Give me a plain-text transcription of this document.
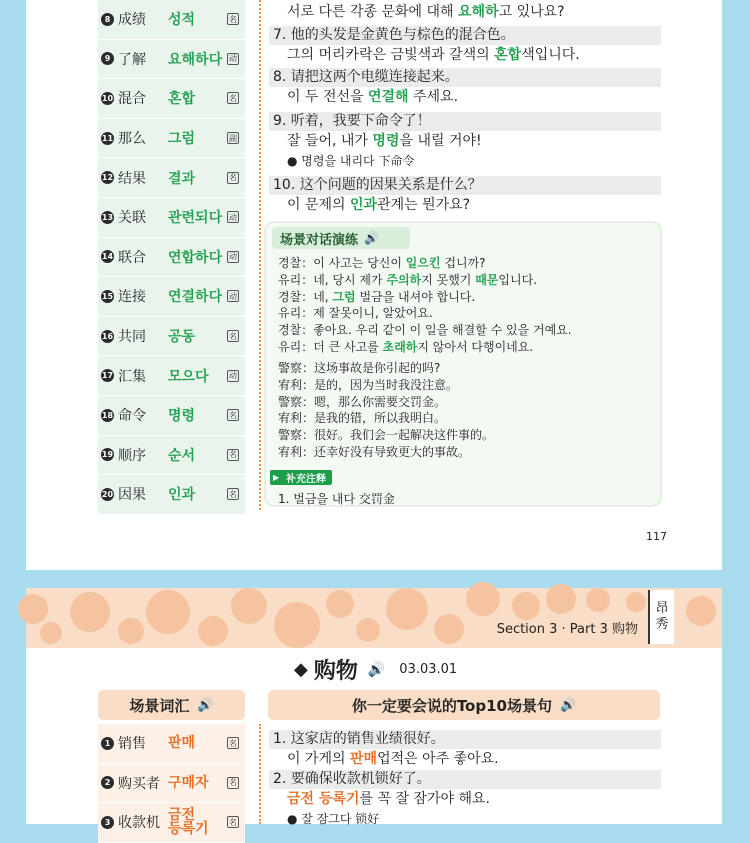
8 成绩	성적	名
9 了解	요해하다 动
10 混合	혼합	名
11 那么	그럼	副
12 结果	결과	名
13 关联	관련되다 动
14 联合	연합하다 动
15 连接	연결하다 动
16 共同	공동	名
17 汇集	모으다	动
18 命令	명령	名
19 顺序	순서	名
20 因果	인과	名
서로 다른 각종 문화에 대해 요해하고 있나요?
7. 他的头发是金黄色与棕色的混合色。
그의 머리카락은 금빛색과 갈색의 혼합색입니다.
8. 请把这两个电缆连接起来。
이 두 전선을 연결해 주세요.
9. 听着，我要下命令了！
잘 들어, 내가 명령을 내릴 거야!
● 명령을 내리다 下命令
10. 这个问题的因果关系是什么？
이 문제의 인과관계는 뭔가요?
场景对话演练 🔊
경찰：이 사고는 당신이 일으킨 겁니까?
유리：네, 당시 제가 주의하지 못했기 때문입니다.
경찰：네, 그럼 벌금을 내셔야 합니다.
유리：제 잘못이니, 알았어요.
경찰：좋아요. 우리 같이 이 일을 해결할 수 있을 거예요.
유리：더 큰 사고를 초래하지 않아서 다행이네요.
警察：这场事故是你引起的吗?
宥利：是的，因为当时我没注意。
警察：嗯，那么你需要交罚金。
宥利：是我的错，所以我明白。
警察：很好。我们会一起解决这件事的。
宥利：还幸好没有导致更大的事故。
▶ 补充注释
1. 벌금을 내다 交罚金
117
Section 3 · Part 3 购物
昂
秀
◆ 购物 🔊 03.03.01
场景词汇 🔊	你一定要会说的Top10场景句 🔊
1 销售	판매	名
2 购买者 구매자	名
3 收款机 금전
등록기	名
1. 这家店的销售业绩很好。
이 가게의 판매업적은 아주 좋아요.
2. 要确保收款机锁好了。
금전 등록기를 꼭 잘 잠가야 해요.
● 잘 잠그다 锁好
